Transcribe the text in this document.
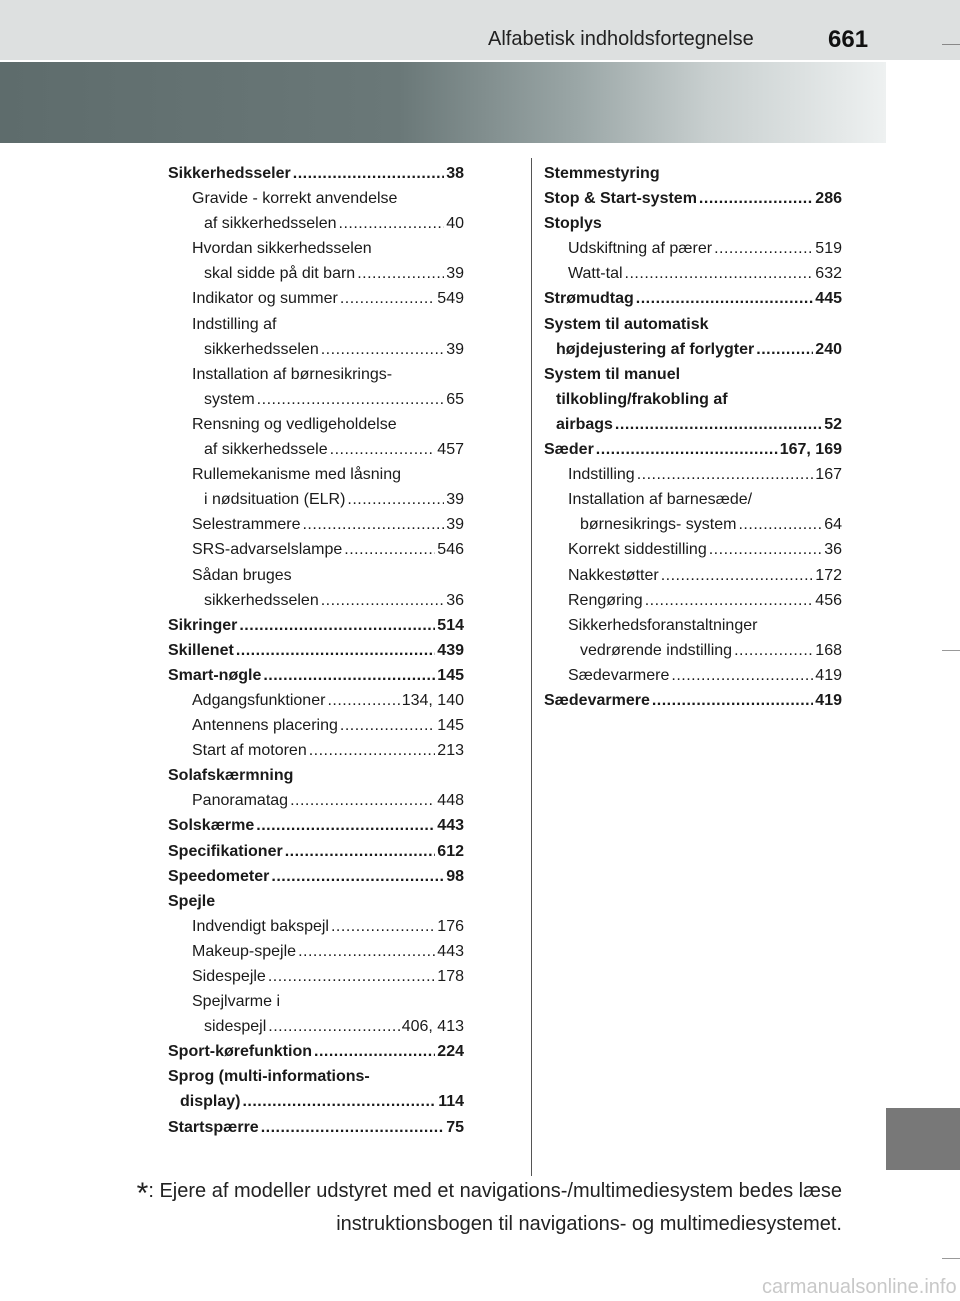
Alfabetisk indholdsfortegnelse	661
Sikkerhedsseler .....	38
Gravide - korrekt anvendelse
af sikkerhedsselen .....	40
Hvordan sikkerhedsselen
skal sidde på dit barn .....	39
Indikator og summer .....	549
Indstilling af
sikkerhedsselen .....	39
Installation af børnesikrings-
system .....	65
Rensning og vedligeholdelse
af sikkerhedssele .....	457
Rullemekanisme med låsning
i nødsituation (ELR) .....	39
Selestrammere .....	39
SRS-advarselslampe .....	546
Sådan bruges
sikkerhedsselen .....	36
Sikringer .....	514
Skillenet .....	439
Smart-nøgle .....	145
Adgangsfunktioner .....	134, 140
Antennens placering .....	145
Start af motoren .....	213
Solafskærmning
Panoramatag .....	448
Solskærme .....	443
Specifikationer .....	612
Speedometer .....	98
Spejle
Indvendigt bakspejl .....	176
Makeup-spejle .....	443
Sidespejle .....	178
Spejlvarme i
sidespejl .....	406, 413
Sport-kørefunktion .....	224
Sprog (multi-informations-
display) .....	114
Startspærre .....	75
Stemmestyring
Stop & Start-system .....	286
Stoplys
Udskiftning af pærer .....	519
Watt-tal .....	632
Strømudtag .....	445
System til automatisk
højdejustering af forlygter .....	240
System til manuel
tilkobling/frakobling af
airbags .....	52
Sæder .....	167, 169
Indstilling .....	167
Installation af barnesæde/
børnesikrings- system .....	64
Korrekt siddestilling .....	36
Nakkestøtter .....	172
Rengøring .....	456
Sikkerhedsforanstaltninger
vedrørende indstilling .....	168
Sædevarmere .....	419
Sædevarmere .....	419
*: Ejere af modeller udstyret med et navigations-/multimediesystem bedes læse
instruktionsbogen til navigations- og multimediesystemet.
carmanualsonline.info
